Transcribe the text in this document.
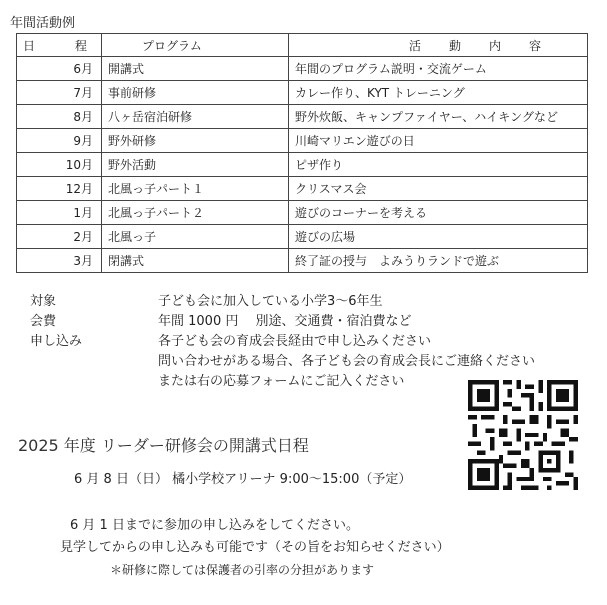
年間活動例
日　程	プログラム	活　動　内　容
6月	開講式	年間のプログラム説明・交流ゲーム
7月	事前研修	カレー作り、KYT トレーニング
8月	八ヶ岳宿泊研修	野外炊飯、キャンプファイヤー、ハイキングなど
9月	野外研修	川崎マリエン遊びの日
10月	野外活動	ピザ作り
12月	北風っ子パート１	クリスマス会
1月	北風っ子パート２	遊びのコーナーを考える
2月	北風っ子	遊びの広場
3月	閉講式	終了証の授与　よみうりランドで遊ぶ
対象	子ども会に加入している小学3～6年生
会費	年間 1000 円　 別途、交通費・宿泊費など
申し込み	各子ども会の育成会長経由で申し込みください
問い合わせがある場合、各子ども会の育成会長にご連絡ください
または右の応募フォームにご記入ください
2025 年度 リーダー研修会の開講式日程
6 月 8 日（日） 橘小学校アリーナ 9:00～15:00（予定）
6 月 1 日までに参加の申し込みをしてください。
見学してからの申し込みも可能です（その旨をお知らせください）
＊研修に際しては保護者の引率の分担があります
